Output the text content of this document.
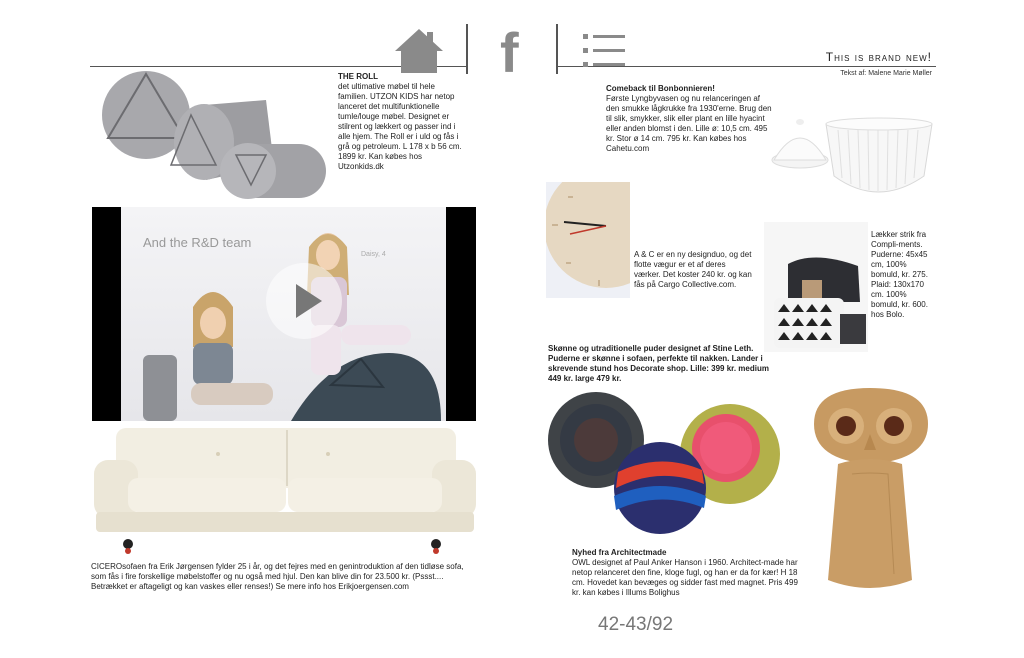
f	This is brand new!
Tekst af: Malene Marie Møller
THE ROLL
det ultimative møbel til hele familien. UTZON KIDS har netop lanceret det multifunktionelle tumle/louge møbel. Designet er stilrent og lækkert og passer ind i alle hjem. The Roll er i uld og fås i grå og petroleum. L 178 x b 56 cm. 1899 kr. Kan købes hos Utzonkids.dk
And the R&D team
Daisy, 4
CICEROsofaen fra Erik Jørgensen fylder 25 i år, og det fejres med en genintroduktion af den tidløse sofa, som fås i fire forskellige møbelstoffer og nu også med hjul. Den kan blive din for 23.500 kr. (Pssst.... Betrækket er aftageligt og kan vaskes eller renses!) Se mere info hos Erikjoergensen.com
Comeback til Bonbonnieren!
Første Lyngbyvasen og nu relanceringen af den smukke lågkrukke fra 1930'erne. Brug den til slik, smykker, slik eller plant en lille hyacint eller anden blomst i den. Lille ø: 10,5 cm. 495 kr. Stor ø 14 cm. 795 kr. Kan købes hos Cahetu.com
A & C er en ny designduo, og det flotte vægur er et af deres værker. Det koster 240 kr. og kan fås på Cargo Collective.com.
Lækker strik fra Compli-ments. Puderne: 45x45 cm, 100% bomuld, kr. 275. Plaid: 130x170 cm. 100% bomuld, kr. 600. hos Bolo.
Skønne og utraditionelle puder designet af Stine Leth. Puderne er skønne i sofaen, perfekte til nakken. Lander i skrevende stund hos Decorate shop. Lille: 399 kr. medium 449 kr. large 479 kr.
Nyhed fra Architectmade
OWL designet af Paul Anker Hanson i 1960. Architect-made har netop relanceret den fine, kloge fugl, og han er da for kær! H 18 cm. Hovedet kan bevæges og sidder fast med magnet. Pris 499 kr. kan købes i Illums Bolighus
42-43/92
